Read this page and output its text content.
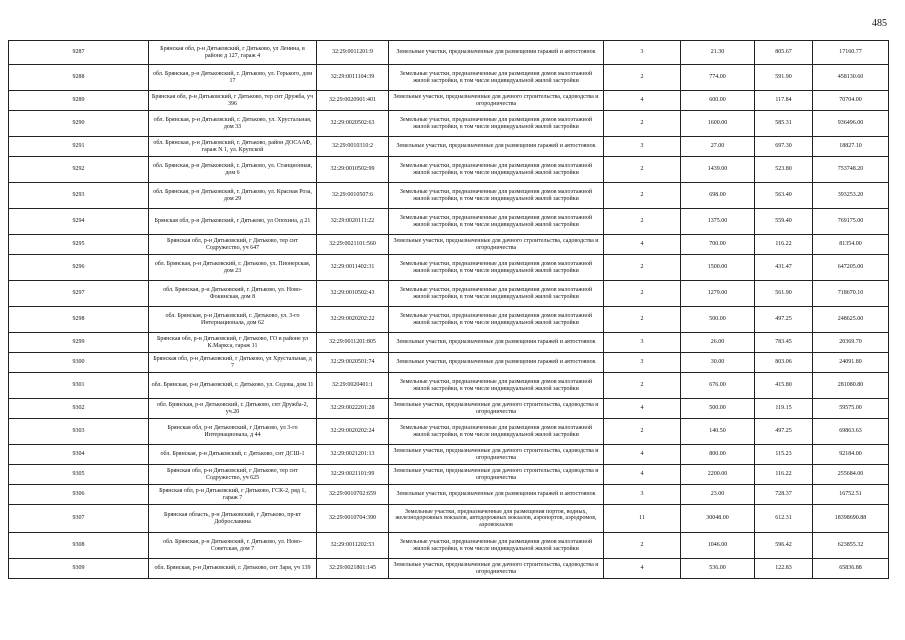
485
9287	Брянская обл, р-н Дятьковский, г Дятьково, ул Ленина, в районе д 127, гараж 4	32:29:0011201:9	Земельные участки, предназначенные для размещения гаражей и автостоянок	3	21.30	805.67	17160.77
9288	обл. Брянская, р-н Дятьковский, г. Дятьково, ул. Горького, дом 17	32:29:0011104:39	Земельные участки, предназначенные для размещения домов малоэтажной жилой застройки, в том числе индивидуальной жилой застройки	2	774.00	591.90	458130.60
9289	Брянская обл, р-н Дятьковский, г Дятьково, тер снт Дружба, уч 396	32:29:0020901:401	Земельные участки, предназначенные для дачного строительства, садоводства и огородничества	4	600.00	117.84	70704.00
9290	обл. Брянская, р-н Дятьковский, г. Дятьково, ул. Хрустальная, дом 33	32:29:0020502:63	Земельные участки, предназначенные для размещения домов малоэтажной жилой застройки, в том числе индивидуальной жилой застройки	2	1600.00	585.31	936496.00
9291	обл. Брянская, р-н Дятьковский, г. Дятьково, район ДОСААФ, гараж N 1, ул. Крупской	32:29:0010310:2	Земельные участки, предназначенные для размещения гаражей и автостоянок	3	27.00	697.30	18827.10
9292	обл. Брянская, р-н Дятьковский, г. Дятьково, ул. Станционная, дом 6	32:29:0010502:99	Земельные участки, предназначенные для размещения домов малоэтажной жилой застройки, в том числе индивидуальной жилой застройки	2	1439.00	523.80	753748.20
9293	обл. Брянская, р-н Дятьковский, г. Дятьково, ул. Красная Роза, дом 29	32:29:0010507:6	Земельные участки, предназначенные для размещения домов малоэтажной жилой застройки, в том числе индивидуальной жилой застройки	2	698.00	563.40	393253.20
9294	Брянская обл, р-н Дятьковский, г Дятьково, ул Опохина, д 21	32:29:0020111:22	Земельные участки, предназначенные для размещения домов малоэтажной жилой застройки, в том числе индивидуальной жилой застройки	2	1375.00	559.40	769175.00
9295	Брянская обл, р-н Дятьковский, г Дятьково, тер снт Содружество, уч 647	32:29:0021101:560	Земельные участки, предназначенные для дачного строительства, садоводства и огородничества	4	700.00	116.22	81354.00
9296	обл. Брянская, р-н Дятьковский, г. Дятьково, ул. Пионерская, дом 23	32:29:0011402:31	Земельные участки, предназначенные для размещения домов малоэтажной жилой застройки, в том числе индивидуальной жилой застройки	2	1500.00	431.47	647205.00
9297	обл. Брянская, р-н Дятьковский, г. Дятьково, ул. Ново-Фокинская, дом 8	32:29:0010502:43	Земельные участки, предназначенные для размещения домов малоэтажной жилой застройки, в том числе индивидуальной жилой застройки	2	1279.00	561.90	718670.10
9298	обл. Брянская, р-н Дятьковский, г. Дятьково, ул. 3-го Интернационала, дом 62	32:29:0020202:22	Земельные участки, предназначенные для размещения домов малоэтажной жилой застройки, в том числе индивидуальной жилой застройки	2	500.00	497.25	248625.00
9299	Брянская обл, р-н Дятьковский, г Дятьково, ГО в районе ул К.Маркса, гараж 11	32:29:0011201:805	Земельные участки, предназначенные для размещения гаражей и автостоянок	3	26.00	783.45	20369.70
9300	Брянская обл, р-н Дятьковский, г Дятьково, ул Хрустальная, д 7	32:29:0020501:74	Земельные участки, предназначенные для размещения гаражей и автостоянок	3	30.00	803.06	24091.80
9301	обл. Брянская, р-н Дятьковский, г. Дятьково, ул. Седова, дом 11	32:29:0020401:1	Земельные участки, предназначенные для размещения домов малоэтажной жилой застройки, в том числе индивидуальной жилой застройки	2	676.00	415.80	281080.80
9302	обл. Брянская, р-н Дятьковский, г. Дятьково, снт Дружба-2, уч.20	32:29:0022201:28	Земельные участки, предназначенные для дачного строительства, садоводства и огородничества	4	500.00	119.15	59575.00
9303	Брянская обл, р-н Дятьковский, г Дятьково, ул 3-го Интернационала, д 44	32:29:0020202:24	Земельные участки, предназначенные для размещения домов малоэтажной жилой застройки, в том числе индивидуальной жилой застройки	2	140.50	497.25	69863.63
9304	обл. Брянская, р-н Дятьковский, г. Дятьково, снт ДСШ-1	32:29:0021201:13	Земельные участки, предназначенные для дачного строительства, садоводства и огородничества	4	800.00	115.23	92184.00
9305	Брянская обл, р-н Дятьковский, г Дятьково, тер снт Содружество, уч 625	32:29:0021101:99	Земельные участки, предназначенные для дачного строительства, садоводства и огородничества	4	2200.00	116.22	255684.00
9306	Брянская обл, р-н Дятьковский, г Дятьково, ГСК-2, ряд 1, гараж 7	32:29:0010702:659	Земельные участки, предназначенные для размещения гаражей и автостоянок	3	23.00	728.37	16752.51
9307	Брянская область, р-н Дятьковский, г Дятьково, пр-кт Доброславина	32:29:0010704:390	Земельные участки, предназначенные для размещения портов, водных, железнодорожных вокзалов, автодорожных вокзалов, аэропортов, аэродромов, аэровокзалов	11	30048.00	612.31	18398690.88
9308	обл. Брянская, р-н Дятьковский, г. Дятьково, ул. Ново-Советская, дом 7	32:29:0011202:53	Земельные участки, предназначенные для размещения домов малоэтажной жилой застройки, в том числе индивидуальной жилой застройки	2	1046.00	596.42	623855.32
9309	обл. Брянская, р-н Дятьковский, г. Дятьково, снт Заря, уч 139	32:29:0021801:145	Земельные участки, предназначенные для дачного строительства, садоводства и огородничества	4	536.00	122.83	65836.88
